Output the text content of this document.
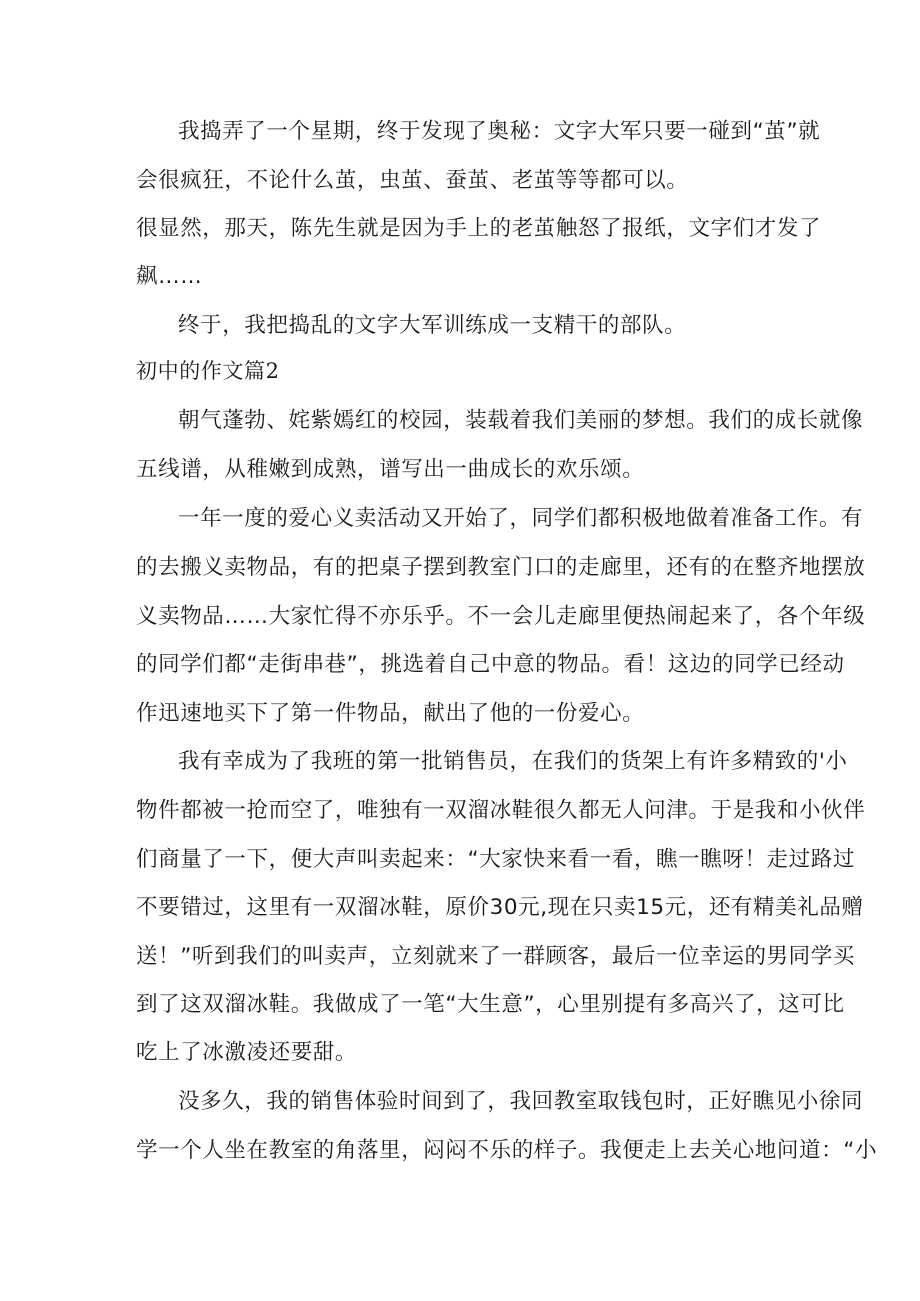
我捣弄了一个星期，终于发现了奥秘：文字大军只要一碰到“茧”就
会很疯狂，不论什么茧，虫茧、蚕茧、老茧等等都可以。
很显然，那天，陈先生就是因为手上的老茧触怒了报纸，文字们才发了
飙……
终于，我把捣乱的文字大军训练成一支精干的部队。
初中的作文篇2
朝气蓬勃、姹紫嫣红的校园，装载着我们美丽的梦想。我们的成长就像
五线谱，从稚嫩到成熟，谱写出一曲成长的欢乐颂。
一年一度的爱心义卖活动又开始了，同学们都积极地做着准备工作。有
的去搬义卖物品，有的把桌子摆到教室门口的走廊里，还有的在整齐地摆放
义卖物品……大家忙得不亦乐乎。不一会儿走廊里便热闹起来了，各个年级
的同学们都“走街串巷”，挑选着自己中意的物品。看！这边的同学已经动
作迅速地买下了第一件物品，献出了他的一份爱心。
我有幸成为了我班的第一批销售员，在我们的货架上有许多精致的'小
物件都被一抢而空了，唯独有一双溜冰鞋很久都无人问津。于是我和小伙伴
们商量了一下，便大声叫卖起来：“大家快来看一看，瞧一瞧呀！走过路过
不要错过，这里有一双溜冰鞋，原价30元,现在只卖15元，还有精美礼品赠
送！”听到我们的叫卖声，立刻就来了一群顾客，最后一位幸运的男同学买
到了这双溜冰鞋。我做成了一笔“大生意”，心里别提有多高兴了，这可比
吃上了冰激凌还要甜。
没多久，我的销售体验时间到了，我回教室取钱包时，正好瞧见小徐同
学一个人坐在教室的角落里，闷闷不乐的样子。我便走上去关心地问道：“小
